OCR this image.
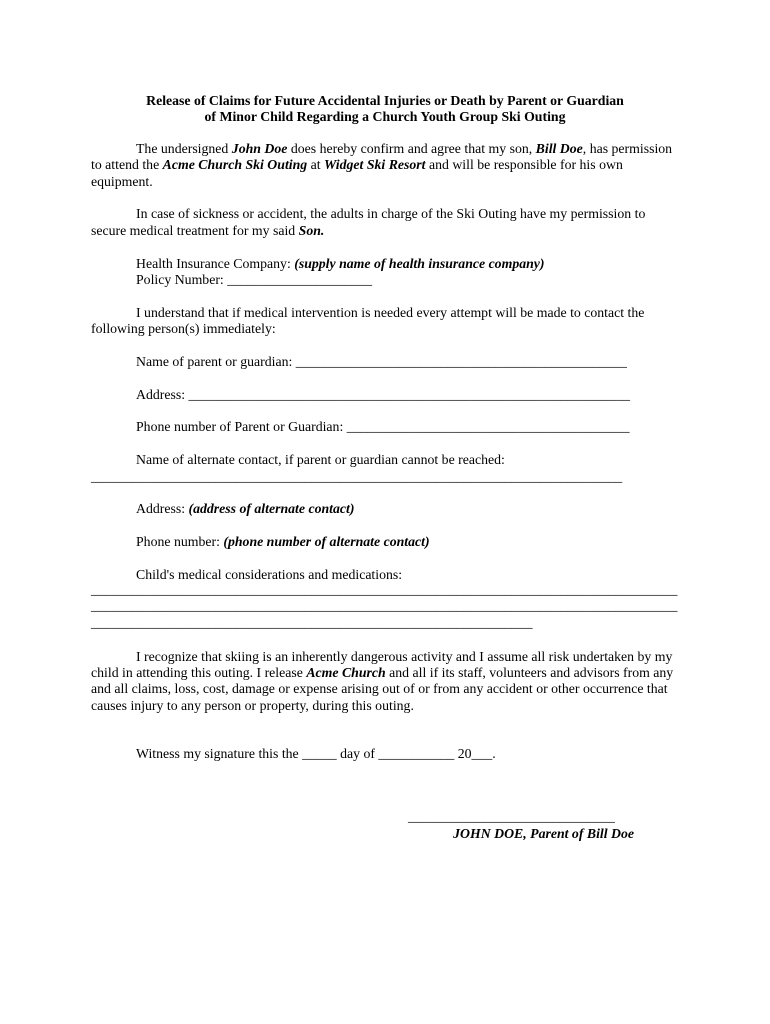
Release of Claims for Future Accidental Injuries or Death by Parent or Guardian
of Minor Child Regarding a Church Youth Group Ski Outing
The undersigned John Doe does hereby confirm and agree that my son, Bill Doe, has permission
to attend the Acme Church Ski Outing at Widget Ski Resort and will be responsible for his own
equipment.
In case of sickness or accident, the adults in charge of the Ski Outing have my permission to
secure medical treatment for my said Son.
Health Insurance Company: (supply name of health insurance company)
Policy Number: _____________________
I understand that if medical intervention is needed every attempt will be made to contact the
following person(s) immediately:
Name of parent or guardian: ________________________________________________
Address: ________________________________________________________________
Phone number of Parent or Guardian: _________________________________________
Name of alternate contact, if parent or guardian cannot be reached:
_____________________________________________________________________________
Address: (address of alternate contact)
Phone number: (phone number of alternate contact)
Child's medical considerations and medications:
_____________________________________________________________________________________
_____________________________________________________________________________________
________________________________________________________________
I recognize that skiing is an inherently dangerous activity and I assume all risk undertaken by my
child in attending this outing. I release Acme Church and all if its staff, volunteers and advisors from any
and all claims, loss, cost, damage or expense arising out of or from any accident or other occurrence that
causes injury to any person or property, during this outing.
Witness my signature this the _____ day of ___________ 20___.
______________________________
JOHN DOE, Parent of Bill Doe
